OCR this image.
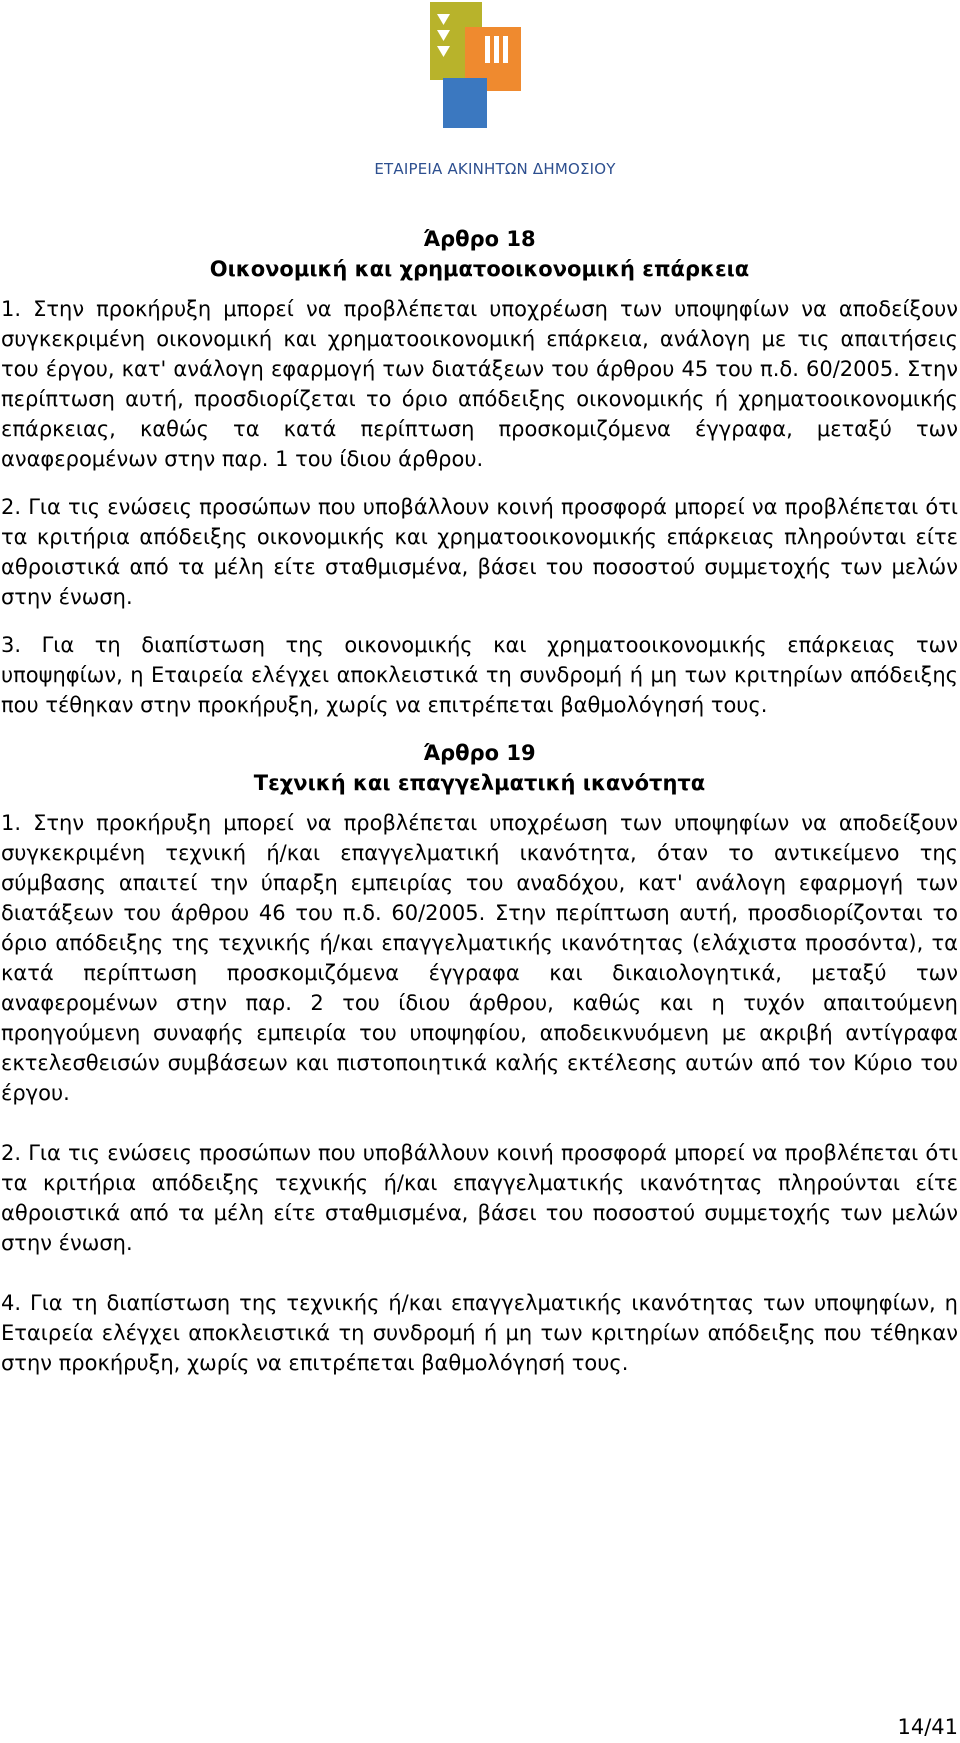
ΕΤΑΙΡΕΙΑ ΑΚΙΝΗΤΩΝ ΔΗΜΟΣΙΟΥ

Άρθρο 18

Οικονομική και χρηματοοικονομική επάρκεια

1. Στην προκήρυξη μπορεί να προβλέπεται υποχρέωση των υποψηφίων να αποδείξουν συγκεκριμένη οικονομική και χρηματοοικονομική επάρκεια, ανάλογη με τις απαιτήσεις του έργου, κατ' ανάλογη εφαρμογή των διατάξεων του άρθρου 45 του π.δ. 60/2005. Στην περίπτωση αυτή, προσδιορίζεται το όριο απόδειξης οικονομικής ή χρηματοοικονομικής επάρκειας, καθώς τα κατά περίπτωση προσκομιζόμενα έγγραφα, μεταξύ των αναφερομένων στην παρ. 1 του ίδιου άρθρου.

2. Για τις ενώσεις προσώπων που υποβάλλουν κοινή προσφορά μπορεί να προβλέπεται ότι τα κριτήρια απόδειξης οικονομικής και χρηματοοικονομικής επάρκειας πληρούνται είτε αθροιστικά από τα μέλη είτε σταθμισμένα, βάσει του ποσοστού συμμετοχής των μελών στην ένωση.

3. Για τη διαπίστωση της οικονομικής και χρηματοοικονομικής επάρκειας των υποψηφίων, η Εταιρεία ελέγχει αποκλειστικά τη συνδρομή ή μη των κριτηρίων απόδειξης που τέθηκαν στην προκήρυξη, χωρίς να επιτρέπεται βαθμολόγησή τους.

Άρθρο 19

Τεχνική και επαγγελματική ικανότητα

1. Στην προκήρυξη μπορεί να προβλέπεται υποχρέωση των υποψηφίων να αποδείξουν συγκεκριμένη τεχνική ή/και επαγγελματική ικανότητα, όταν το αντικείμενο της σύμβασης απαιτεί την ύπαρξη εμπειρίας του αναδόχου, κατ' ανάλογη εφαρμογή των διατάξεων του άρθρου 46 του π.δ. 60/2005. Στην περίπτωση αυτή, προσδιορίζονται το όριο απόδειξης της τεχνικής ή/και επαγγελματικής ικανότητας (ελάχιστα προσόντα), τα κατά περίπτωση προσκομιζόμενα έγγραφα και δικαιολογητικά, μεταξύ των αναφερομένων στην παρ. 2 του ίδιου άρθρου, καθώς και η τυχόν απαιτούμενη προηγούμενη συναφής εμπειρία του υποψηφίου, αποδεικνυόμενη με ακριβή αντίγραφα εκτελεσθεισών συμβάσεων και πιστοποιητικά καλής εκτέλεσης αυτών από τον Κύριο του έργου.

2. Για τις ενώσεις προσώπων που υποβάλλουν κοινή προσφορά μπορεί να προβλέπεται ότι τα κριτήρια απόδειξης τεχνικής ή/και επαγγελματικής ικανότητας πληρούνται είτε αθροιστικά από τα μέλη είτε σταθμισμένα, βάσει του ποσοστού συμμετοχής των μελών στην ένωση.

4. Για τη διαπίστωση της τεχνικής ή/και επαγγελματικής ικανότητας των υποψηφίων, η Εταιρεία ελέγχει αποκλειστικά τη συνδρομή ή μη των κριτηρίων απόδειξης που τέθηκαν στην προκήρυξη, χωρίς να επιτρέπεται βαθμολόγησή τους.

14/41
